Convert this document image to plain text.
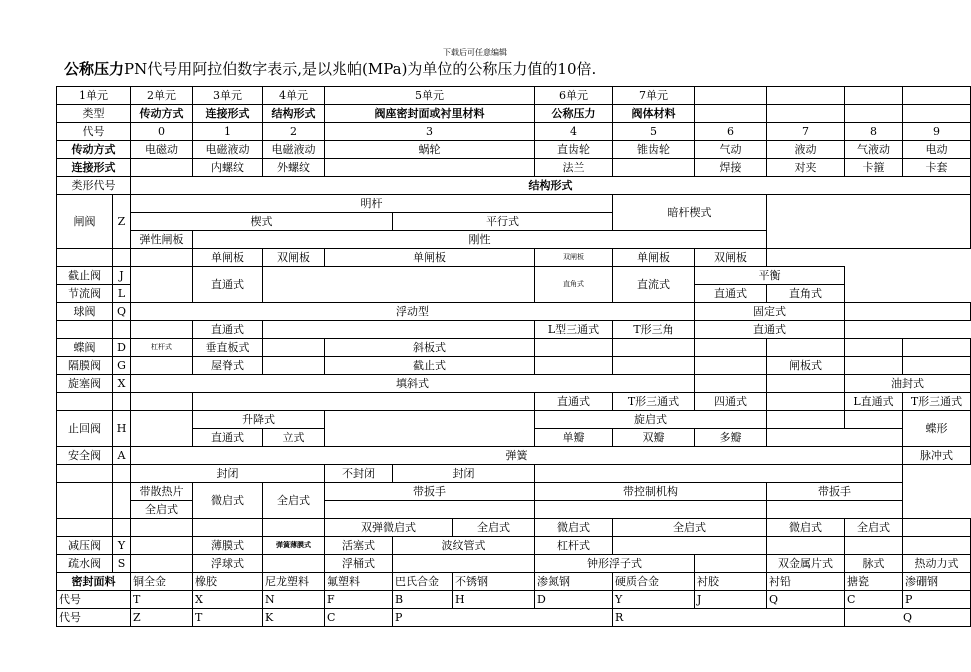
下载后可任意编辑
公称压力PN代号用阿拉伯数字表示,是以兆帕(MPa)为单位的公称压力值的10倍.
1单元		2单元	3单元	4单元	5单元			6单元	7单元				
类型		传动方式	连接形式	结构形式	阀座密封面或衬里材料			公称压力	阀体材料				
代号		0	1	2	3			4	5	6	7	8	9
传动方式		电磁动	电磁液动	电磁液动	蜗轮			直齿轮	锥齿轮	气动	液动	气液动	电动
连接形式			内螺纹	外螺纹				法兰		焊接	对夹	卡箍	卡套
类形代号		结构形式											
闸阀	Z	明杆							暗杆楔式				
		楔式				平行式							
		弹性闸板	刚性										
			单闸板	双闸板	单闸板			双闸板	单闸板	双闸板			
截止阀	J		直通式					直角式	直流式	平衡			
节流阀	L									直通式	直角式		
球阀	Q	浮动型								固定式			
			直通式					L型三通式	T形三角	直通式			
蝶阀	D	杠杆式	垂直板式		斜板式								
隔膜阀	G		屋脊式		截止式						闸板式		
旋塞阀	X	填斜式										油封式	
								直通式	T形三通式	四通式		L直通式	T形三通式
止回阀	H		升降式					旋启式					蝶形
			直通式	立式				单瓣	双瓣	多瓣			
安全阀	A	弹簧											脉冲式
		封闭			不封闭	封闭							
		带散热片	微启式	全启式	带扳手			带控制机构			带扳手		
		全启式											
					双弹微启式		全启式	微启式	全启式		微启式	全启式	
减压阀	Y		薄膜式	弹簧薄膜式	活塞式	波纹管式		杠杆式					
疏水阀	S		浮球式		浮桶式			钟形浮子式			双金属片式	脉式	热动力式
密封面料		铜全金	橡胶	尼龙塑料	氟塑料	巴氏合金	不锈钢	渗氮钢	硬质合金	衬胶	衬铅	搪瓷	渗硼钢
代号		T	X	N	F	B	H	D	Y	J	Q	C	P
代号		Z	T	K	C	P			R			Q	
